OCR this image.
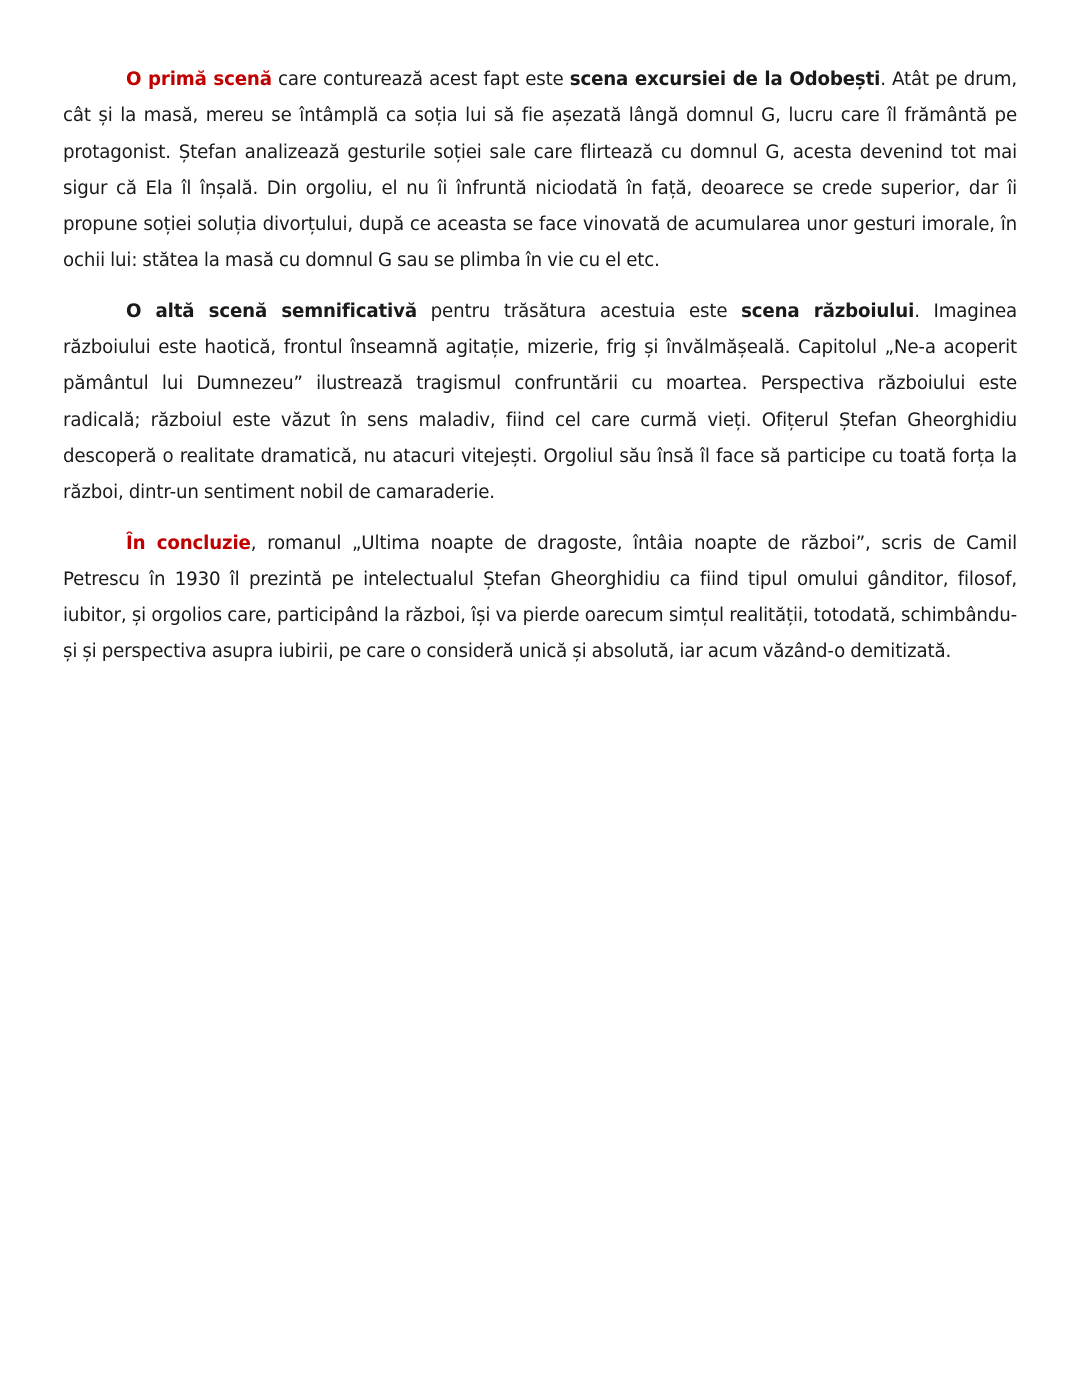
O primă scenă care conturează acest fapt este scena excursiei de la Odobești. Atât pe drum, cât și la masă, mereu se întâmplă ca soția lui să fie așezată lângă domnul G, lucru care îl frământă pe protagonist. Ștefan analizează gesturile soției sale care flirtează cu domnul G, acesta devenind tot mai sigur că Ela îl înșală. Din orgoliu, el nu îi înfruntă niciodată în față, deoarece se crede superior, dar îi propune soției soluția divorțului, după ce aceasta se face vinovată de acumularea unor gesturi imorale, în ochii lui: stătea la masă cu domnul G sau se plimba în vie cu el etc.

O altă scenă semnificativă pentru trăsătura acestuia este scena războiului. Imaginea războiului este haotică, frontul înseamnă agitație, mizerie, frig și învălmășeală. Capitolul „Ne-a acoperit pământul lui Dumnezeu” ilustrează tragismul confruntării cu moartea. Perspectiva războiului este radicală; războiul este văzut în sens maladiv, fiind cel care curmă vieți. Ofițerul Ștefan Gheorghidiu descoperă o realitate dramatică, nu atacuri vitejești. Orgoliul său însă îl face să participe cu toată forța la război, dintr-un sentiment nobil de camaraderie.

În concluzie, romanul „Ultima noapte de dragoste, întâia noapte de război”, scris de Camil Petrescu în 1930 îl prezintă pe intelectualul Ștefan Gheorghidiu ca fiind tipul omului gânditor, filosof, iubitor, și orgolios care, participând la război, își va pierde oarecum simțul realității, totodată, schimbându-și și perspectiva asupra iubirii, pe care o consideră unică și absolută, iar acum văzând-o demitizată.
